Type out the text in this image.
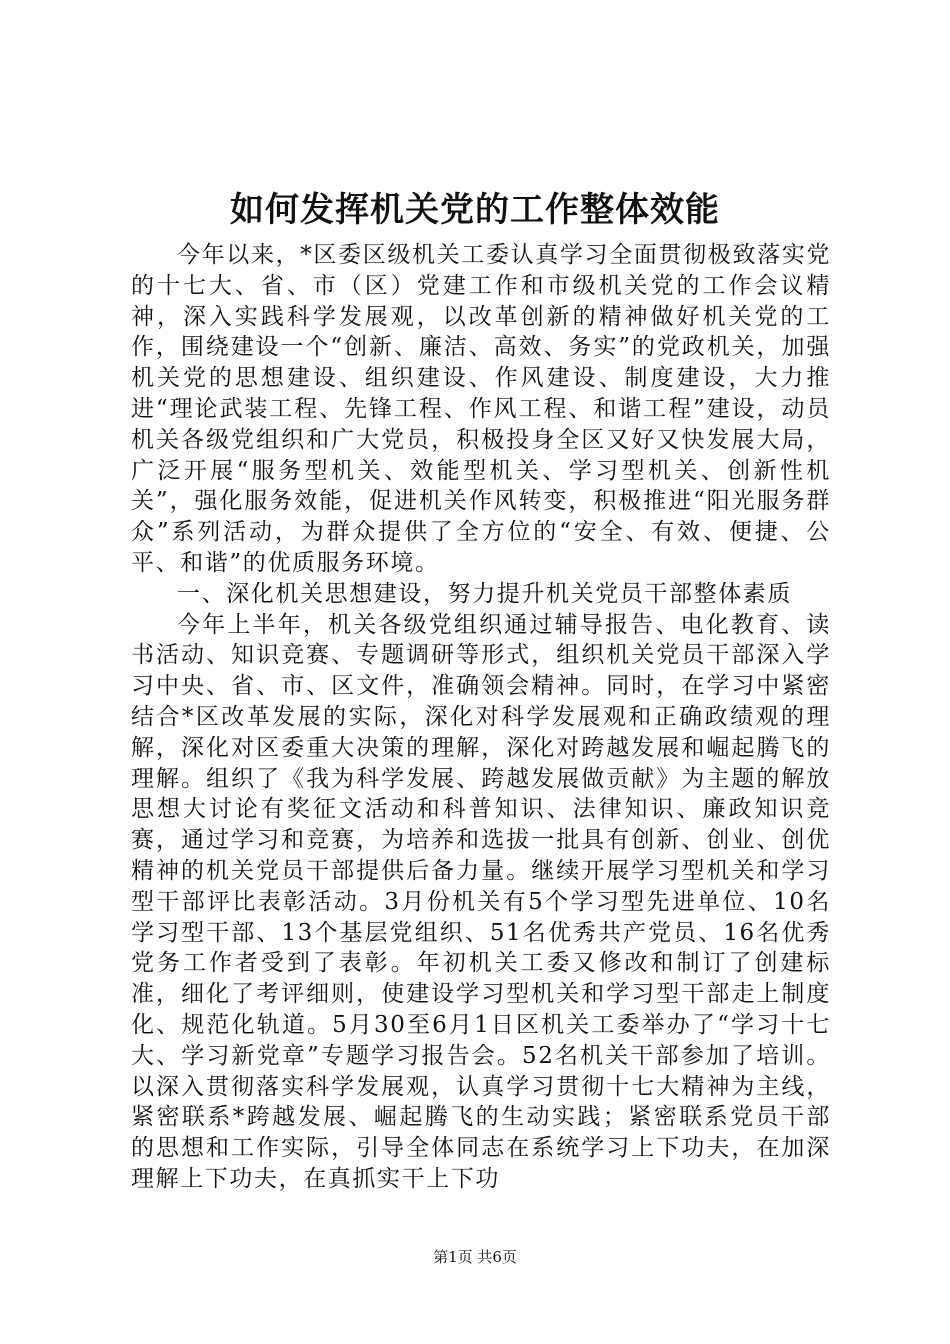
如何发挥机关党的工作整体效能

今年以来，*区委区级机关工委认真学习全面贯彻极致落实党的十七大、省、市（区）党建工作和市级机关党的工作会议精神，深入实践科学发展观，以改革创新的精神做好机关党的工作，围绕建设一个“创新、廉洁、高效、务实”的党政机关，加强机关党的思想建设、组织建设、作风建设、制度建设，大力推进“理论武装工程、先锋工程、作风工程、和谐工程”建设，动员机关各级党组织和广大党员，积极投身全区又好又快发展大局，广泛开展“服务型机关、效能型机关、学习型机关、创新性机关”，强化服务效能，促进机关作风转变，积极推进“阳光服务群众”系列活动，为群众提供了全方位的“安全、有效、便捷、公平、和谐”的优质服务环境。

一、深化机关思想建设，努力提升机关党员干部整体素质

今年上半年，机关各级党组织通过辅导报告、电化教育、读书活动、知识竞赛、专题调研等形式，组织机关党员干部深入学习中央、省、市、区文件，准确领会精神。同时，在学习中紧密结合*区改革发展的实际，深化对科学发展观和正确政绩观的理解，深化对区委重大决策的理解，深化对跨越发展和崛起腾飞的理解。组织了《我为科学发展、跨越发展做贡献》为主题的解放思想大讨论有奖征文活动和科普知识、法律知识、廉政知识竞赛，通过学习和竞赛，为培养和选拔一批具有创新、创业、创优精神的机关党员干部提供后备力量。继续开展学习型机关和学习型干部评比表彰活动。3月份机关有5个学习型先进单位、10名学习型干部、13个基层党组织、51名优秀共产党员、16名优秀党务工作者受到了表彰。年初机关工委又修改和制订了创建标准，细化了考评细则，使建设学习型机关和学习型干部走上制度化、规范化轨道。5月30至6月1日区机关工委举办了“学习十七大、学习新党章”专题学习报告会。52名机关干部参加了培训。以深入贯彻落实科学发展观，认真学习贯彻十七大精神为主线，紧密联系*跨越发展、崛起腾飞的生动实践；紧密联系党员干部的思想和工作实际，引导全体同志在系统学习上下功夫，在加深理解上下功夫，在真抓实干上下功

第1页 共6页
